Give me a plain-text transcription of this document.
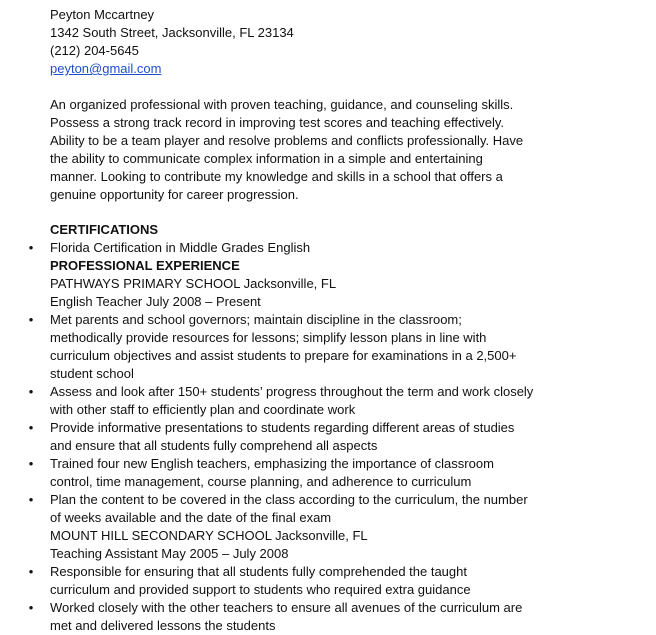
Peyton Mccartney
1342 South Street, Jacksonville, FL 23134
(212) 204-5645
peyton@gmail.com
An organized professional with proven teaching, guidance, and counseling skills.
Possess a strong track record in improving test scores and teaching effectively.
Ability to be a team player and resolve problems and conflicts professionally. Have
the ability to communicate complex information in a simple and entertaining
manner. Looking to contribute my knowledge and skills in a school that offers a
genuine opportunity for career progression.
CERTIFICATIONS
• Florida Certification in Middle Grades English
PROFESSIONAL EXPERIENCE
PATHWAYS PRIMARY SCHOOL Jacksonville, FL
English Teacher July 2008 – Present
• Met parents and school governors; maintain discipline in the classroom;
methodically provide resources for lessons; simplify lesson plans in line with
curriculum objectives and assist students to prepare for examinations in a 2,500+
student school
• Assess and look after 150+ students’ progress throughout the term and work closely
with other staff to efficiently plan and coordinate work
• Provide informative presentations to students regarding different areas of studies
and ensure that all students fully comprehend all aspects
• Trained four new English teachers, emphasizing the importance of classroom
control, time management, course planning, and adherence to curriculum
• Plan the content to be covered in the class according to the curriculum, the number
of weeks available and the date of the final exam
MOUNT HILL SECONDARY SCHOOL Jacksonville, FL
Teaching Assistant May 2005 – July 2008
• Responsible for ensuring that all students fully comprehended the taught
curriculum and provided support to students who required extra guidance
• Worked closely with the other teachers to ensure all avenues of the curriculum are
met and delivered lessons the students
